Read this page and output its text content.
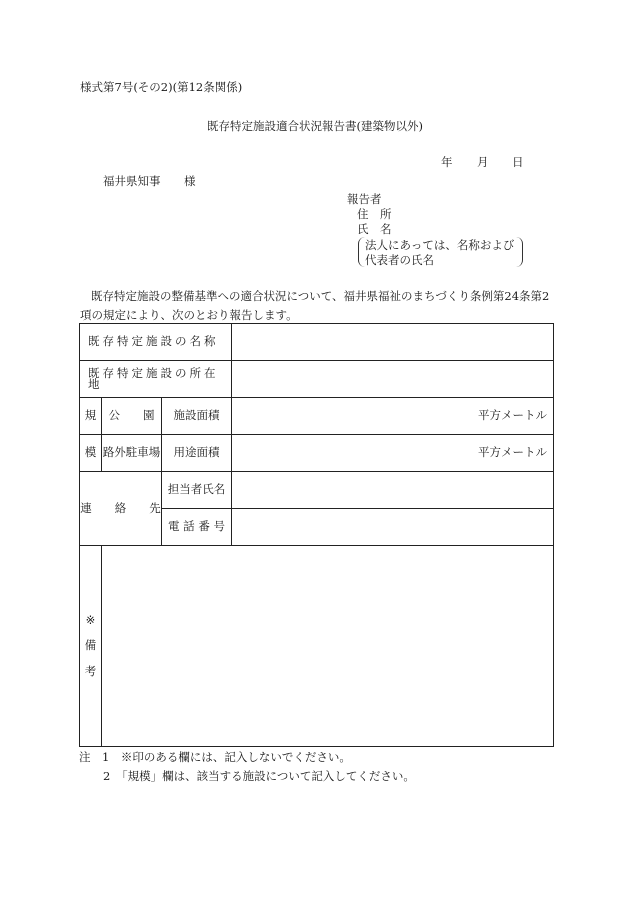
様式第7号(その2)(第12条関係)
既存特定施設適合状況報告書(建築物以外)
年 月 日
福井県知事 様
報告者
住　所
氏　名
法人にあっては、名称および
代表者の氏名
既存特定施設の整備基準への適合状況について、福井県福祉のまちづくり条例第24条第2
項の規定により、次のとおり報告します。
既存特定施設の名称			
既存特定施設の所在地			
規	公　　園	施設面積	平方メートル
模	路外駐車場	用途面積	平方メートル
連　　絡　　先		担当者氏名	
		電 話 番 号	
※
備
考			
注　1　※印のある欄には、記入しないでください。
2　「規模」欄は、該当する施設について記入してください。
